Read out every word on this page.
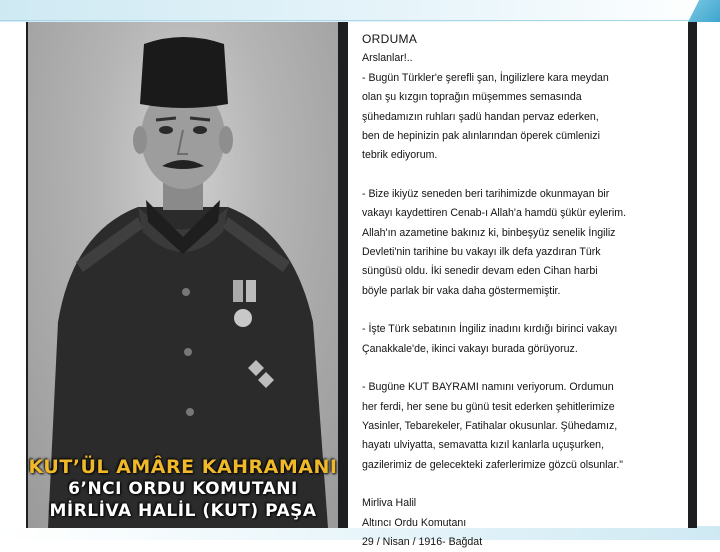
KUT’ÜL AMÂRE KAHRAMANI
6’NCI ORDU KOMUTANI
MİRLİVA HALİL (KUT) PAŞA

ORDUMA

Arslanlar!..

- Bugün Türkler'e şerefli şan, İngilizlere kara meydan

olan şu kızgın toprağın müşemmes semasında

şühedamızın ruhları şadü handan pervaz ederken,

ben de hepinizin pak alınlarından öperek cümlenizi

tebrik ediyorum.

- Bize ikiyüz seneden beri tarihimizde okunmayan bir

vakayı kaydettiren Cenab-ı Allah'a hamdü şükür eylerim.

Allah'ın azametine bakınız ki, binbeşyüz senelik İngiliz

Devleti'nin tarihine bu vakayı ilk defa yazdıran Türk

süngüsü oldu. İki senedir devam eden Cihan harbi

böyle parlak bir vaka daha göstermemiştir.

- İşte Türk sebatının İngiliz inadını kırdığı birinci vakayı

Çanakkale'de, ikinci vakayı burada görüyoruz.

- Bugüne KUT BAYRAMI namını veriyorum. Ordumun

her ferdi, her sene bu günü tesit ederken şehitlerimize

Yasinler, Tebarekeler, Fatihalar okusunlar. Şühedamız,

hayatı ulviyatta, semavatta kızıl kanlarla uçuşurken,

gazilerimiz de gelecekteki zaferlerimize gözcü olsunlar."

Mirliva Halil

Altıncı Ordu Komutanı

29 / Nisan / 1916- Bağdat
